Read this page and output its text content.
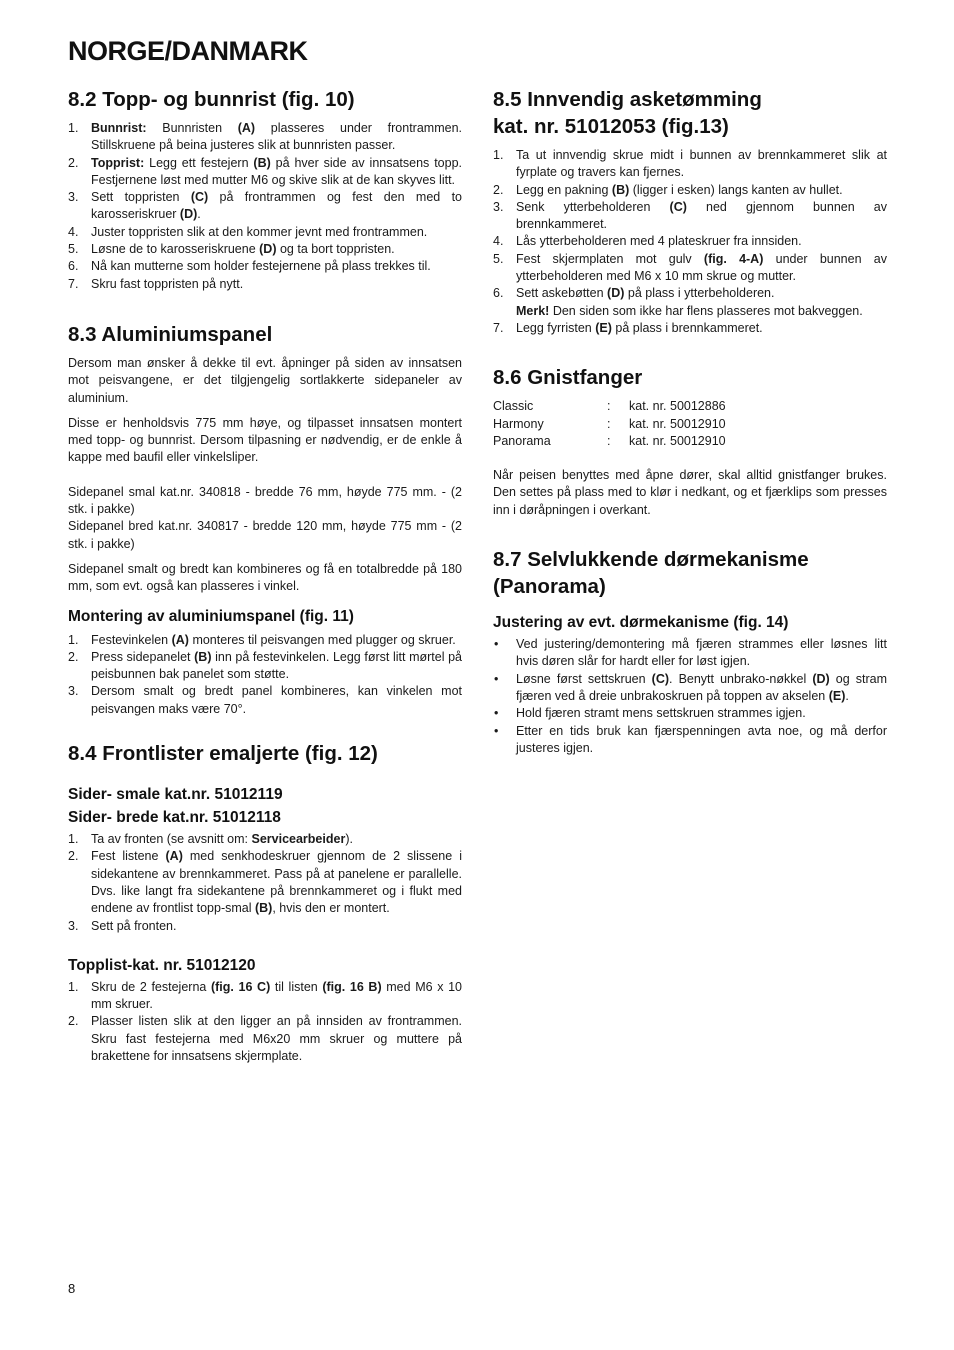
NORGE/DANMARK
8.2 Topp- og bunnrist (fig. 10)
1. Bunnrist: Bunnristen (A) plasseres under frontrammen. Stillskruene på beina justeres slik at bunnristen passer.
2. Topprist: Legg ett festejern (B) på hver side av innsatsens topp. Festjernene løst med mutter M6 og skive slik at de kan skyves litt.
3. Sett toppristen (C) på frontrammen og fest den med to karosseriskruer (D).
4. Juster toppristen slik at den kommer jevnt med frontrammen.
5. Løsne de to karosseriskruene (D) og ta bort toppristen.
6. Nå kan mutterne som holder festejernene på plass trekkes til.
7. Skru fast toppristen på nytt.
8.3 Aluminiumspanel

Dersom man ønsker å dekke til evt. åpninger på siden av innsatsen mot peisvangene, er det tilgjengelig sortlakkerte sidepaneler av aluminium.

Disse er henholdsvis 775 mm høye, og tilpasset innsatsen montert med topp- og bunnrist. Dersom tilpasning er nødvendig, er de enkle å kappe med baufil eller vinkelsliper.

Sidepanel smal kat.nr. 340818 - bredde 76 mm, høyde 775 mm. - (2 stk. i pakke)

Sidepanel bred kat.nr. 340817 - bredde 120 mm, høyde 775 mm - (2 stk. i pakke)

Sidepanel smalt og bredt kan kombineres og få en totalbredde på 180 mm, som evt. også kan plasseres i vinkel.

Montering av aluminiumspanel (fig. 11)
1. Festevinkelen (A) monteres til peisvangen med plugger og skruer.
2. Press sidepanelet (B) inn på festevinkelen. Legg først litt mørtel på peisbunnen bak panelet som støtte.
3. Dersom smalt og bredt panel kombineres, kan vinkelen mot peisvangen maks være 70°.
8.4 Frontlister emaljerte (fig. 12)
Sider- smale kat.nr. 51012119
Sider- brede kat.nr. 51012118
1. Ta av fronten (se avsnitt om: Servicearbeider).
2. Fest listene (A) med senkhodeskruer gjennom de 2 slissene i sidekantene av brennkammeret. Pass på at panelene er parallelle. Dvs. like langt fra sidekantene på brennkammeret og i flukt med endene av frontlist topp-smal (B), hvis den er montert.
3. Sett på fronten.
Topplist-kat. nr. 51012120
1. Skru de 2 festejerna (fig. 16 C) til listen (fig. 16 B) med M6 x 10 mm skruer.
2. Plasser listen slik at den ligger an på innsiden av frontrammen. Skru fast festejerna med M6x20 mm skruer og muttere på brakettene for innsatsens skjermplate.
8.5 Innvendig asketømming
kat. nr. 51012053 (fig.13)
1. Ta ut innvendig skrue midt i bunnen av brennkammeret slik at fyrplate og travers kan fjernes.
2. Legg en pakning (B) (ligger i esken) langs kanten av hullet.
3. Senk ytterbeholderen (C) ned gjennom bunnen av brennkammeret.
4. Lås ytterbeholderen med 4 plateskruer fra innsiden.
5. Fest skjermplaten mot gulv (fig. 4-A) under bunnen av ytterbeholderen med M6 x 10 mm skrue og mutter.
6. Sett askebøtten (D) på plass i ytterbeholderen.
Merk! Den siden som ikke har flens plasseres mot bakveggen.
7. Legg fyrristen (E) på plass i brennkammeret.
8.6 Gnistfanger
Classic	:	kat. nr. 50012886
Harmony	:	kat. nr. 50012910
Panorama	:	kat. nr. 50012910

Når peisen benyttes med åpne dører, skal alltid gnistfanger brukes. Den settes på plass med to klør i nedkant, og et fjærklips som presses inn i døråpningen i overkant.

8.7 Selvlukkende dørmekanisme
(Panorama)
Justering av evt. dørmekanisme (fig. 14)
• Ved justering/demontering må fjæren strammes eller løsnes litt hvis døren slår for hardt eller for løst igjen.
• Løsne først settskruen (C). Benytt unbrako-nøkkel (D) og stram fjæren ved å dreie unbrakoskruen på toppen av akselen (E).
• Hold fjæren stramt mens settskruen strammes igjen.
• Etter en tids bruk kan fjærspenningen avta noe, og må derfor justeres igjen.
8
